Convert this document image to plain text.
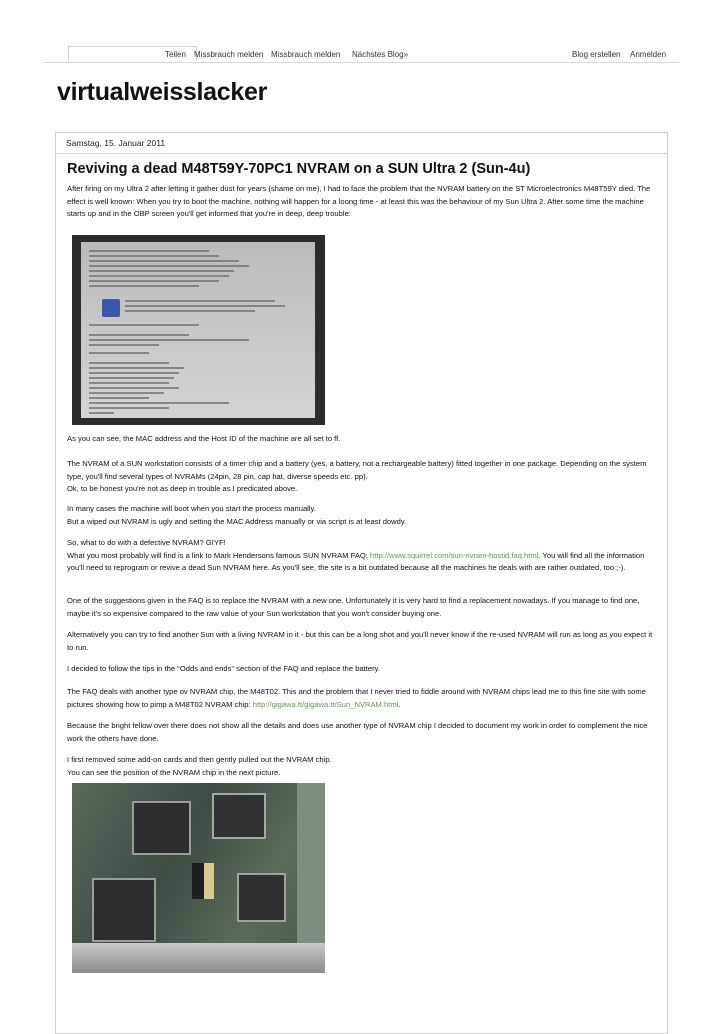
Teilen Missbrauch melden Missbrauch melden Nächstes Blog»	Blog erstellen Anmelden
virtualweisslacker
Samstag, 15. Januar 2011
Reviving a dead M48T59Y-70PC1 NVRAM on a SUN Ultra 2 (Sun-4u)

After firing on my Ultra 2 after letting it gather dust for years (shame on me), I had to face the problem that the NVRAM battery on the ST Microelectronics M48T59Y died. The effect is well known: When you try to boot the machine, nothing will happen for a loong time - at least this was the behaviour of my Sun Ultra 2. After some time the machine starts up and in the OBP screen you'll get informed that you're in deep, deep trouble:

As you can see, the MAC address and the Host ID of the machine are all set to ff.

The NVRAM of a SUN workstation consists of a timer chip and a battery (yes, a battery, not a rechargeable battery) fitted together in one package. Depending on the system type, you'll find several types of NVRAMs (24pin, 28 pin, cap hat, diverse speeds etc. pp).
Ok, to be honest you're not as deep in trouble as I predicated above.

In many cases the machine will boot when you start the process manually.
But a wiped out NVRAM is ugly and setting the MAC Address manually or via script is at least dowdy.

So, what to do with a defective NVRAM? GIYF!
What you most probably will find is a link to Mark Hendersons famous SUN NVRAM FAQ: http://www.squirrel.com/sun-nvram-hostid.faq.html. You will find all the information you'll need to reprogram or revive a dead Sun NVRAM here. As you'll see, the site is a bit outdated because all the machines he deals with are rather outdated, too ;-).

One of the suggestions given in the FAQ is to replace the NVRAM with a new one. Unfortunately it is very hard to find a replacement nowadays. If you manage to find one, maybe it's so expensive compared to the raw value of your Sun workstation that you won't consider buying one.

Alternatively you can try to find another Sun with a living NVRAM in it - but this can be a long shot and you'll never know if the re-used NVRAM will run as long as you expect it to run.

I decided to follow the tips in the "Odds and ends" section of the FAQ and replace the battery.

The FAQ deals with another type ov NVRAM chip, the M48T02. This and the problem that I never tried to fiddle around with NVRAM chips lead me to this fine site with some pictures showing how to pimp a M48T02 NVRAM chip: http://gigawa.tt/gigawa.tt/Sun_NVRAM.html.

Because the bright fellow over there does not show all the details and does use another type of NVRAM chip I decided to document my work in order to complement the nice work the others have done.

I first removed some add-on cards and then gently pulled out the NVRAM chip.
You can see the position of the NVRAM chip in the next picture.
